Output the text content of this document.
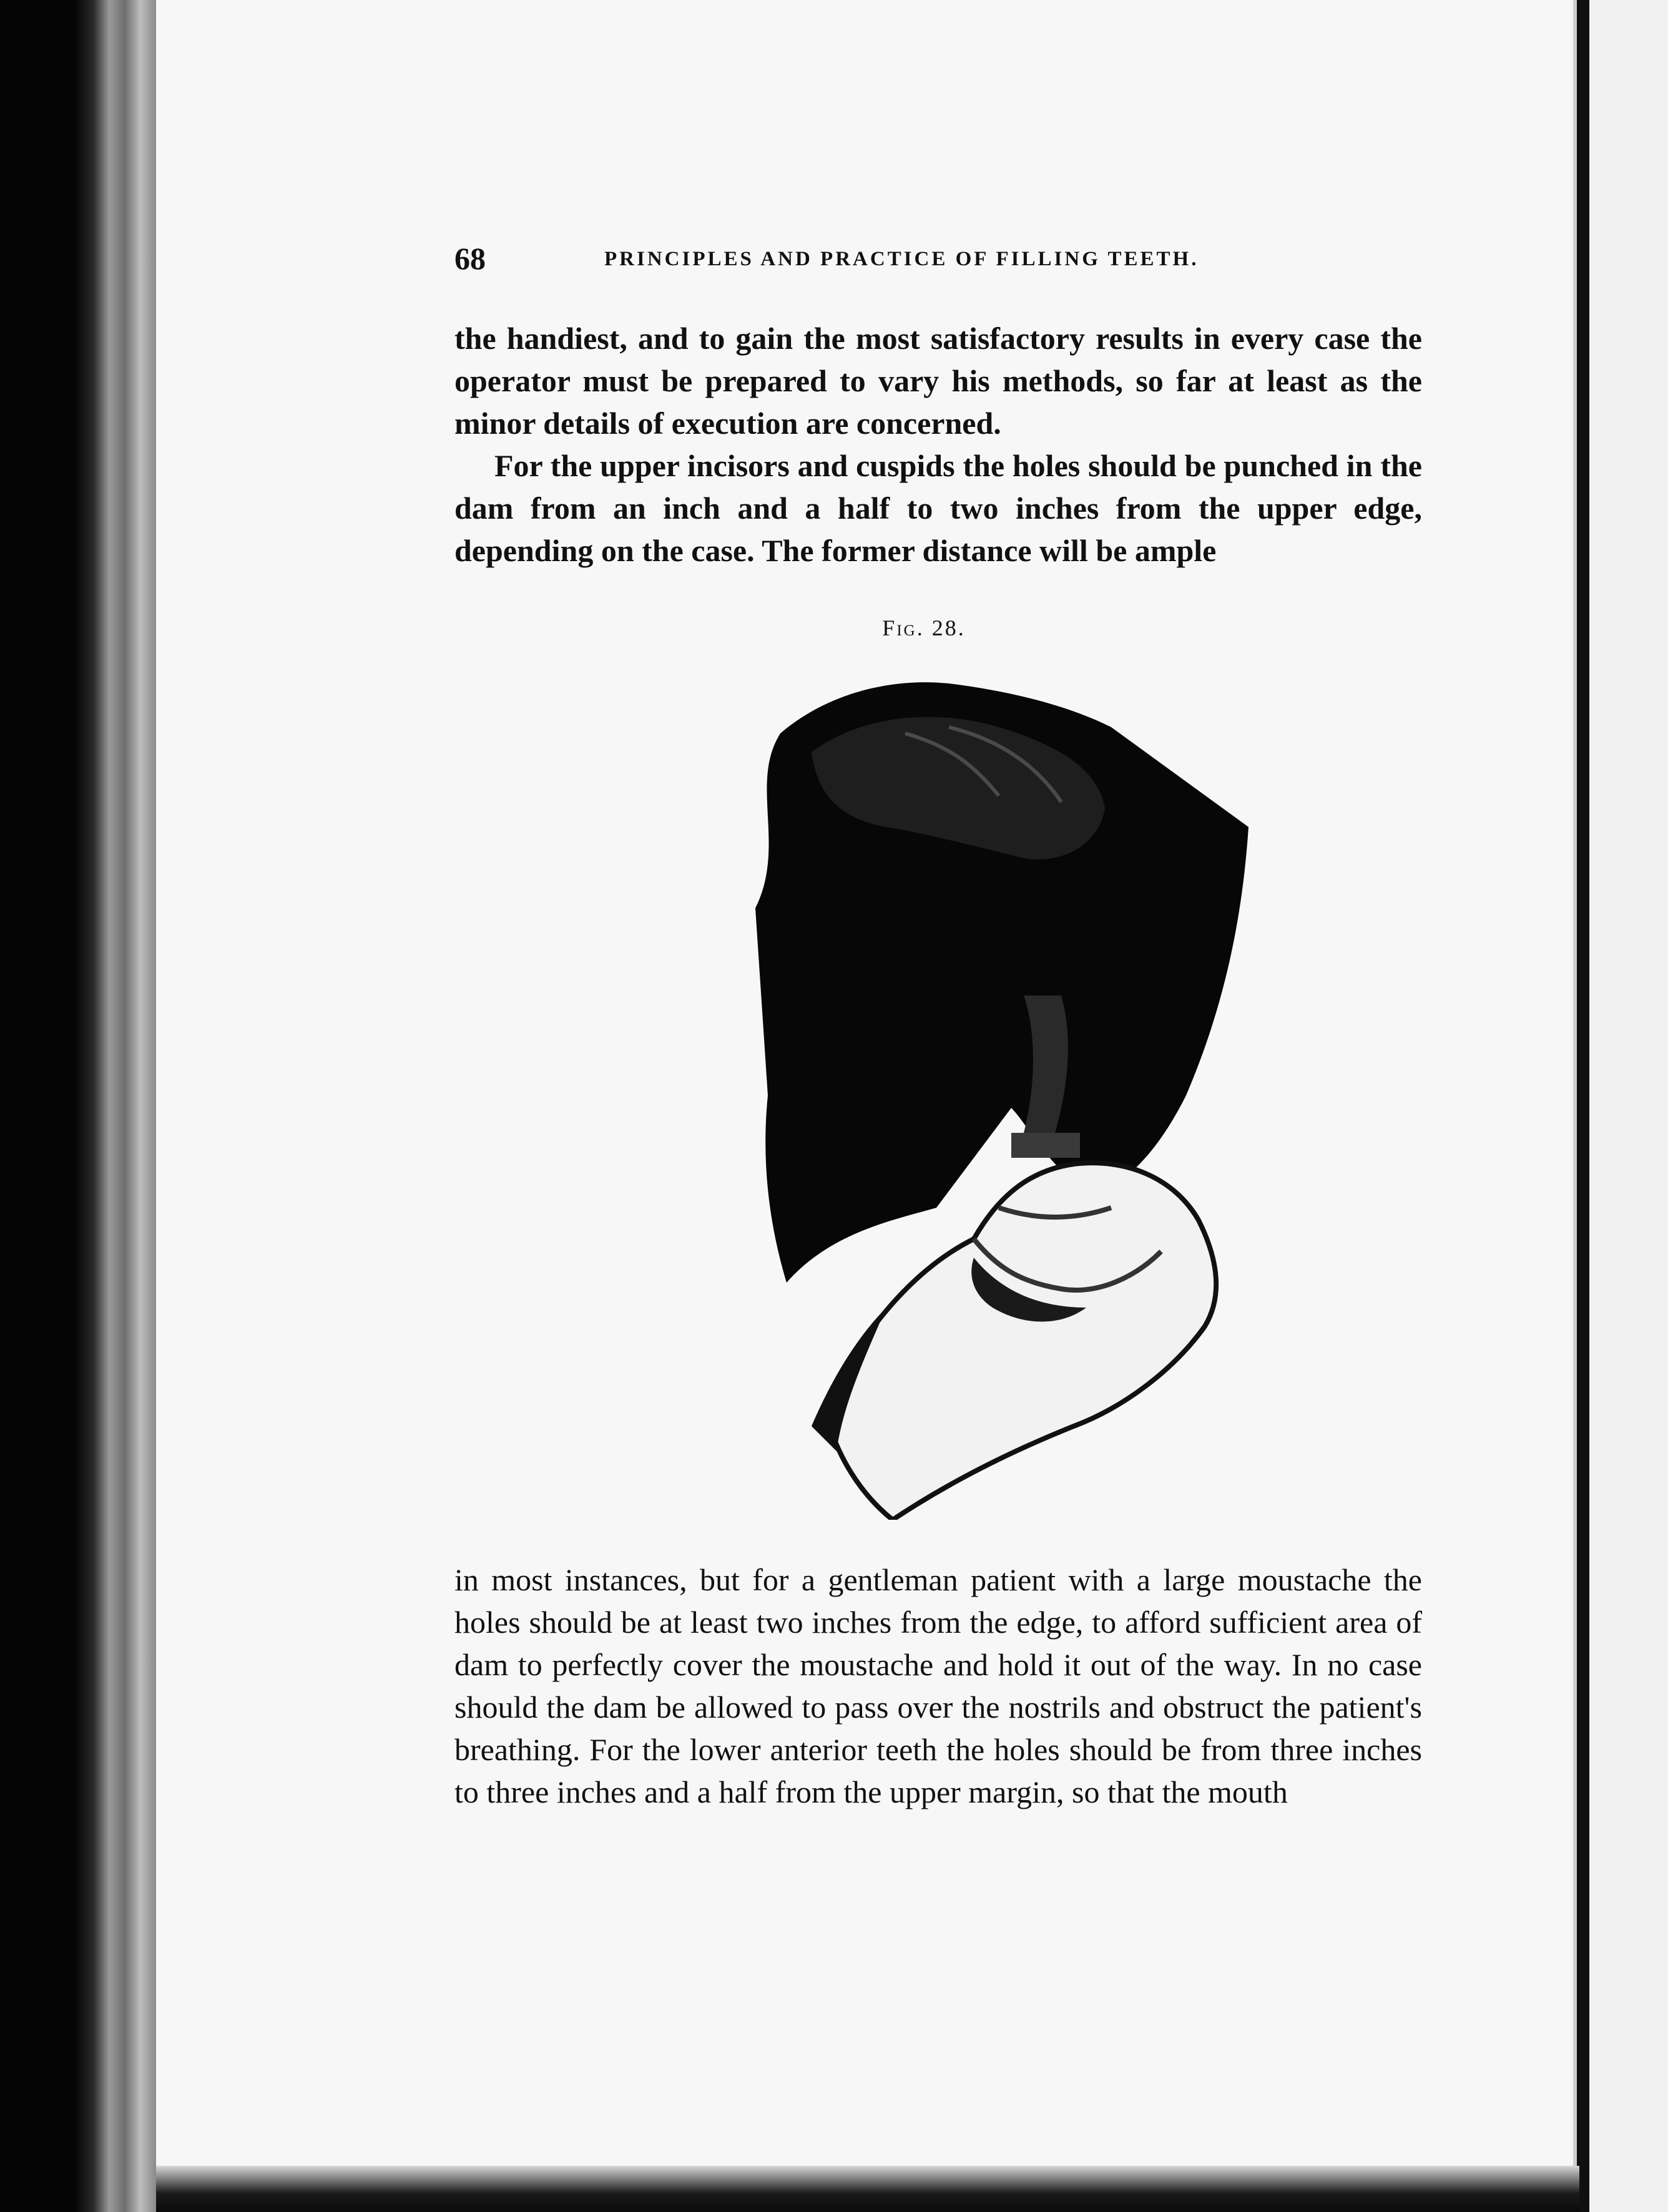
68	PRINCIPLES AND PRACTICE OF FILLING TEETH.

the handiest, and to gain the most satisfactory results in every case the operator must be prepared to vary his methods, so far at least as the minor details of execution are concerned.

For the upper incisors and cuspids the holes should be punched in the dam from an inch and a half to two inches from the upper edge, depending on the case. The former distance will be ample

Fig. 28.

in most instances, but for a gentleman patient with a large moustache the holes should be at least two inches from the edge, to afford sufficient area of dam to perfectly cover the moustache and hold it out of the way. In no case should the dam be allowed to pass over the nostrils and obstruct the patient's breathing. For the lower anterior teeth the holes should be from three inches to three inches and a half from the upper margin, so that the mouth
